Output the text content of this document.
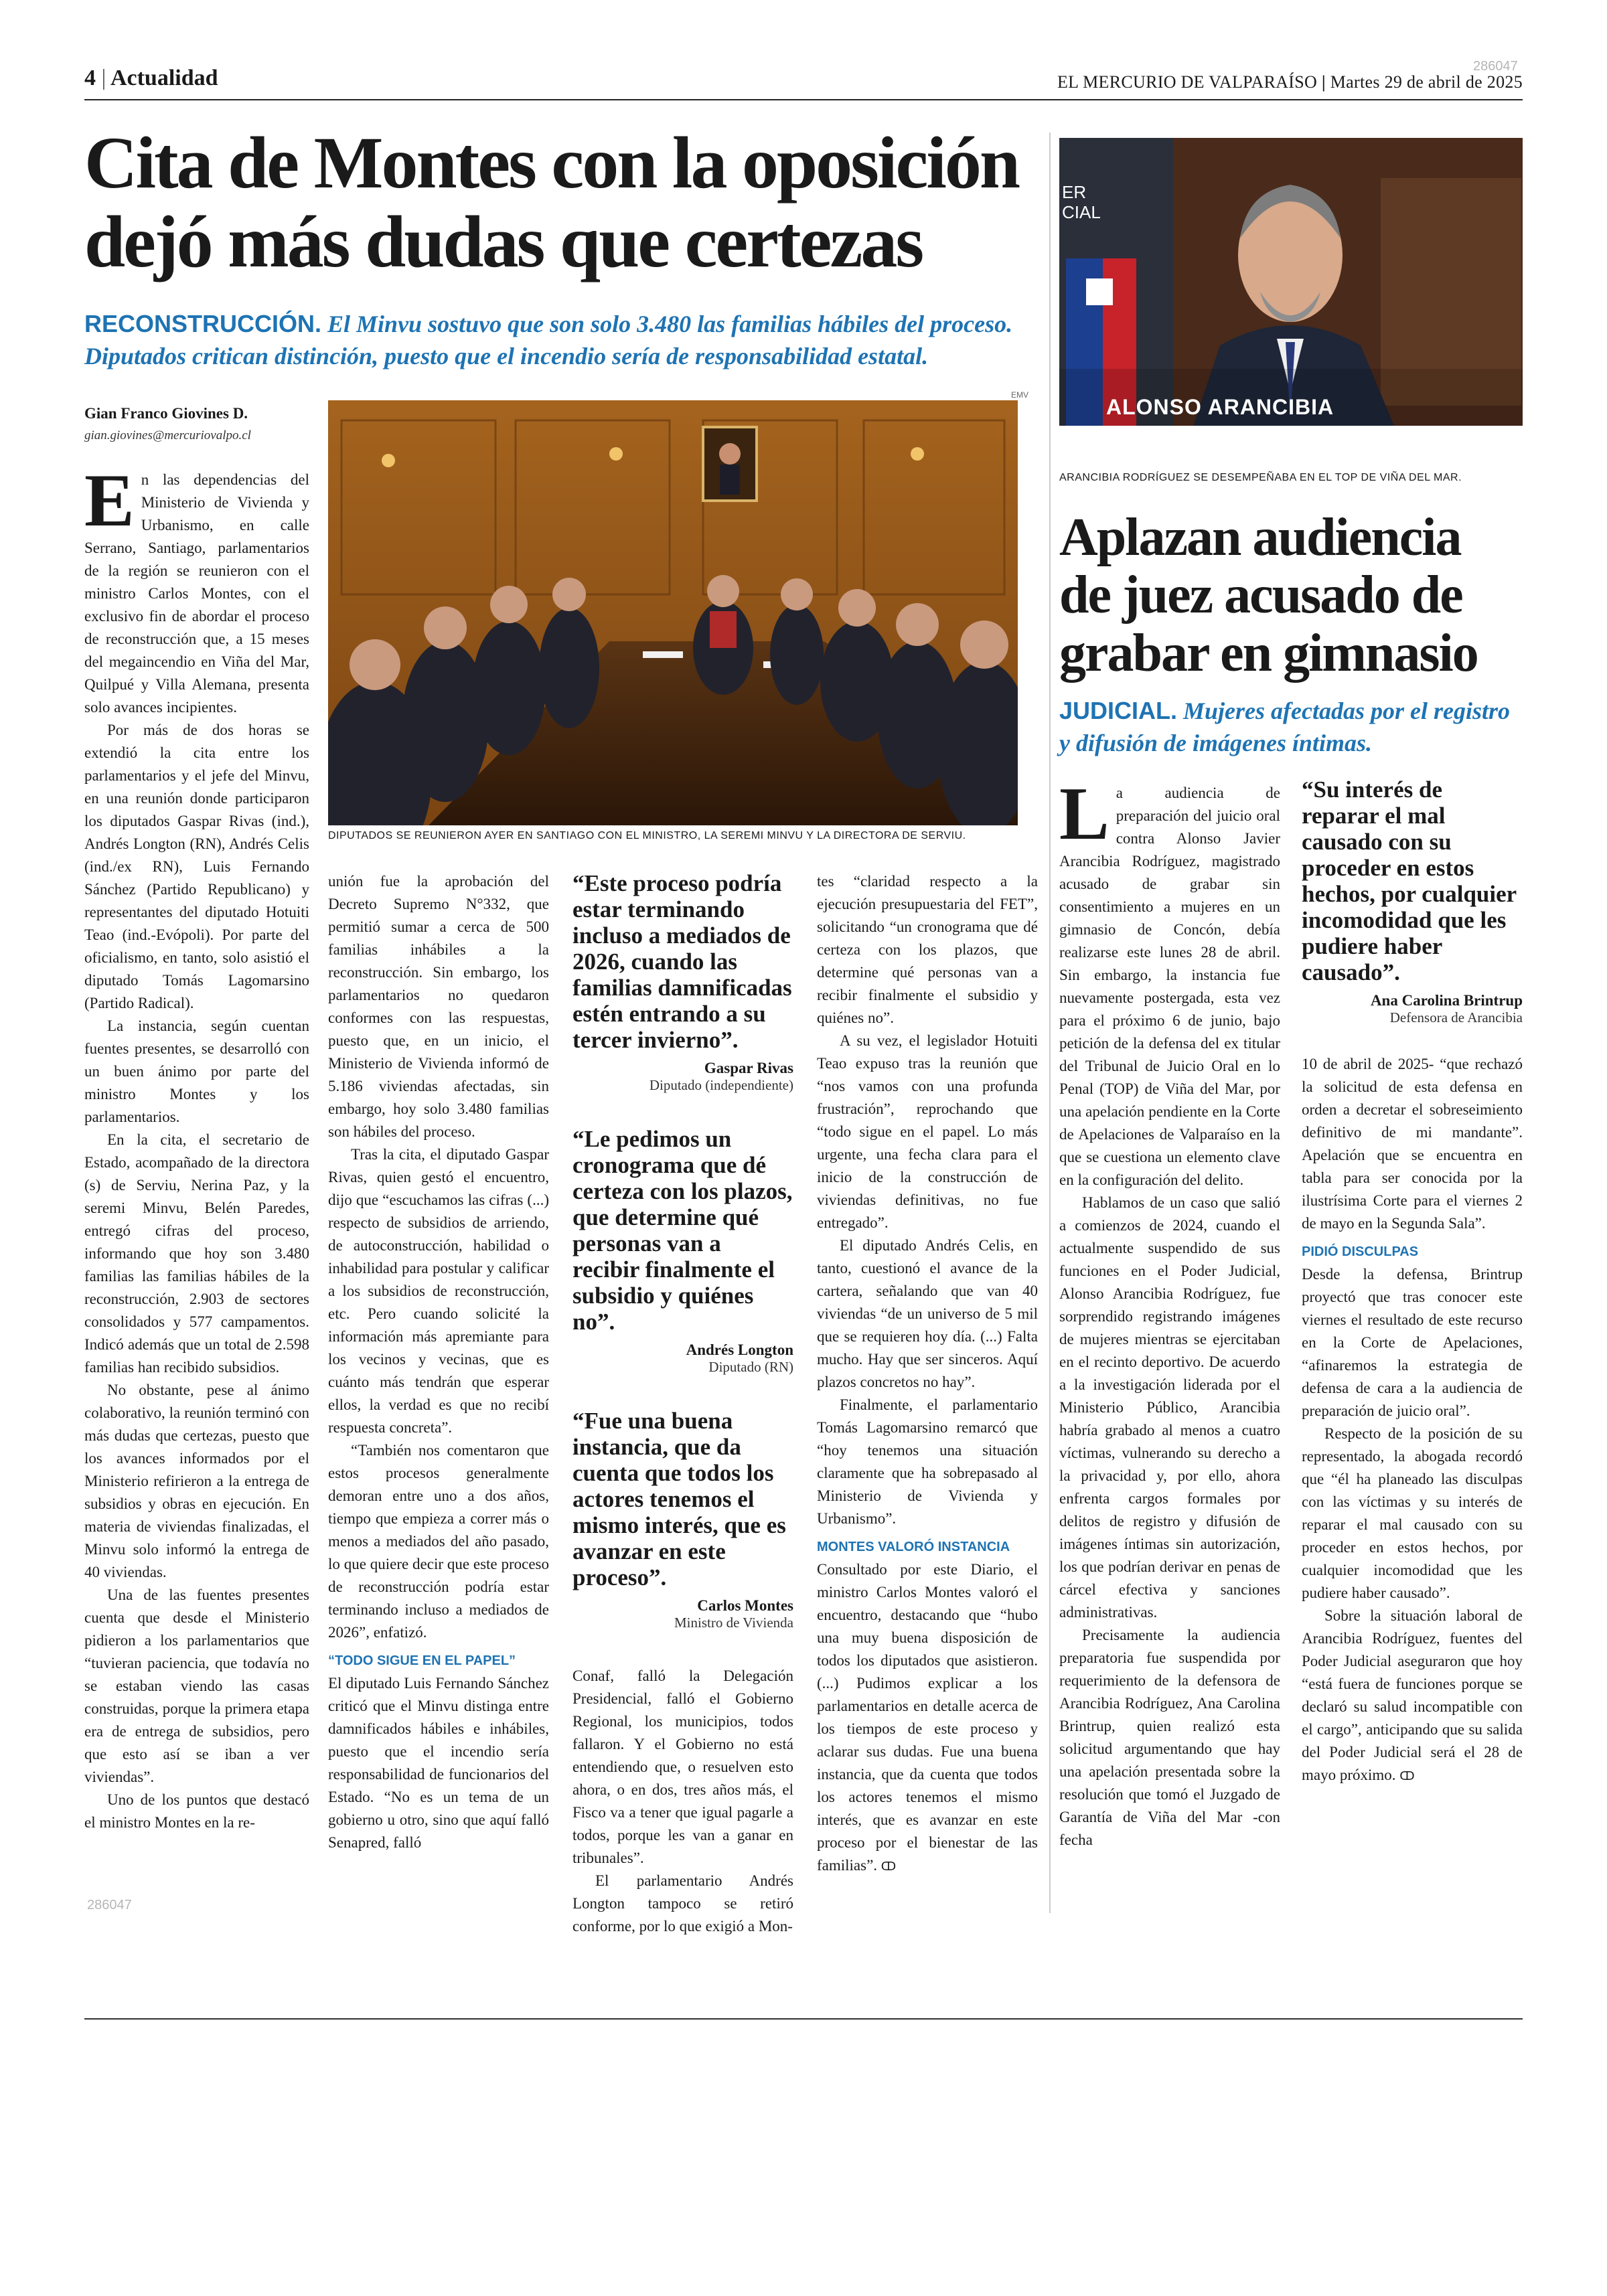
286047
4 | Actualidad	EL MERCURIO DE VALPARAÍSO | Martes 29 de abril de 2025
Cita de Montes con la oposición dejó más dudas que certezas
RECONSTRUCCIÓN. El Minvu sostuvo que son solo 3.480 las familias hábiles del proceso. Diputados critican distinción, puesto que el incendio sería de responsabilidad estatal.
Gian Franco Giovines D.
gian.giovines@mercuriovalpo.cl
EMV
DIPUTADOS SE REUNIERON AYER EN SANTIAGO CON EL MINISTRO, LA SEREMI MINVU Y LA DIRECTORA DE SERVIU.

En las dependencias del Ministerio de Vivienda y Urbanismo, en calle Serrano, Santiago, parlamentarios de la región se reunieron con el ministro Carlos Montes, con el exclusivo fin de abordar el proceso de reconstrucción que, a 15 meses del megaincendio en Viña del Mar, Quilpué y Villa Alemana, presenta solo avances incipientes.

Por más de dos horas se extendió la cita entre los parlamentarios y el jefe del Minvu, en una reunión donde participaron los diputados Gaspar Rivas (ind.), Andrés Longton (RN), Andrés Celis (ind./ex RN), Luis Fernando Sánchez (Partido Republicano) y representantes del diputado Hotuiti Teao (ind.-Evópoli). Por parte del oficialismo, en tanto, solo asistió el diputado Tomás Lagomarsino (Partido Radical).

La instancia, según cuentan fuentes presentes, se desarrolló con un buen ánimo por parte del ministro Montes y los parlamentarios.

En la cita, el secretario de Estado, acompañado de la directora (s) de Serviu, Nerina Paz, y la seremi Minvu, Belén Paredes, entregó cifras del proceso, informando que hoy son 3.480 familias las familias hábiles de la reconstrucción, 2.903 de sectores consolidados y 577 campamentos. Indicó además que un total de 2.598 familias han recibido subsidios.

No obstante, pese al ánimo colaborativo, la reunión terminó con más dudas que certezas, puesto que los avances informados por el Ministerio refirieron a la entrega de subsidios y obras en ejecución. En materia de viviendas finalizadas, el Minvu solo informó la entrega de 40 viviendas.

Una de las fuentes presentes cuenta que desde el Ministerio pidieron a los parlamentarios que “tuvieran paciencia, que todavía no se estaban viendo las casas construidas, porque la primera etapa era de entrega de subsidios, pero que esto así se iban a ver viviendas”.

Uno de los puntos que destacó el ministro Montes en la re-

286047

unión fue la aprobación del Decreto Supremo N°332, que permitió sumar a cerca de 500 familias inhábiles a la reconstrucción. Sin embargo, los parlamentarios no quedaron conformes con las respuestas, puesto que, en un inicio, el Ministerio de Vivienda informó de 5.186 viviendas afectadas, sin embargo, hoy solo 3.480 familias son hábiles del proceso.

Tras la cita, el diputado Gaspar Rivas, quien gestó el encuentro, dijo que “escuchamos las cifras (...) respecto de subsidios de arriendo, de autoconstrucción, habilidad o inhabilidad para postular y calificar a los subsidios de reconstrucción, etc. Pero cuando solicité la información más apremiante para los vecinos y vecinas, que es cuánto más tendrán que esperar ellos, la verdad es que no recibí respuesta concreta”.

“También nos comentaron que estos procesos generalmente demoran entre uno a dos años, tiempo que empieza a correr más o menos a mediados del año pasado, lo que quiere decir que este proceso de reconstrucción podría estar terminando incluso a mediados de 2026”, enfatizó.

“TODO SIGUE EN EL PAPEL”

El diputado Luis Fernando Sánchez criticó que el Minvu distinga entre damnificados hábiles e inhábiles, puesto que el incendio sería responsabilidad de funcionarios del Estado. “No es un tema de un gobierno u otro, sino que aquí falló Senapred, falló

“Este proceso podría estar terminando incluso a mediados de 2026, cuando las familias damnificadas estén entrando a su tercer invierno”.
Gaspar Rivas
Diputado (independiente)
“Le pedimos un cronograma que dé certeza con los plazos, que determine qué personas van a recibir finalmente el subsidio y quiénes no”.
Andrés Longton
Diputado (RN)
“Fue una buena instancia, que da cuenta que todos los actores tenemos el mismo interés, que es avanzar en este proceso”.
Carlos Montes
Ministro de Vivienda

Conaf, falló la Delegación Presidencial, falló el Gobierno Regional, los municipios, todos fallaron. Y el Gobierno no está entendiendo que, o resuelven esto ahora, o en dos, tres años más, el Fisco va a tener que igual pagarle a todos, porque les van a ganar en tribunales”.

El parlamentario Andrés Longton tampoco se retiró conforme, por lo que exigió a Mon-

tes “claridad respecto a la ejecución presupuestaria del FET”, solicitando “un cronograma que dé certeza con los plazos, que determine qué personas van a recibir finalmente el subsidio y quiénes no”.

A su vez, el legislador Hotuiti Teao expuso tras la reunión que “nos vamos con una profunda frustración”, reprochando que “todo sigue en el papel. Lo más urgente, una fecha clara para el inicio de la construcción de viviendas definitivas, no fue entregado”.

El diputado Andrés Celis, en tanto, cuestionó el avance de la cartera, señalando que van 40 viviendas “de un universo de 5 mil que se requieren hoy día. (...) Falta mucho. Hay que ser sinceros. Aquí plazos concretos no hay”.

Finalmente, el parlamentario Tomás Lagomarsino remarcó que “hoy tenemos una situación claramente que ha sobrepasado al Ministerio de Vivienda y Urbanismo”.

MONTES VALORÓ INSTANCIA

Consultado por este Diario, el ministro Carlos Montes valoró el encuentro, destacando que “hubo una muy buena disposición de todos los diputados que asistieron. (...) Pudimos explicar a los parlamentarios en detalle acerca de los tiempos de este proceso y aclarar sus dudas. Fue una buena instancia, que da cuenta que todos los actores tenemos el mismo interés, que es avanzar en este proceso por el bienestar de las familias”. ↀ

ER
CIAL
ALONSO ARANCIBIA
ARANCIBIA RODRÍGUEZ SE DESEMPEÑABA EN EL TOP DE VIÑA DEL MAR.
Aplazan audiencia de juez acusado de grabar en gimnasio
JUDICIAL. Mujeres afectadas por el registro y difusión de imágenes íntimas.

La audiencia de preparación del juicio oral contra Alonso Javier Arancibia Rodríguez, magistrado acusado de grabar sin consentimiento a mujeres en un gimnasio de Concón, debía realizarse este lunes 28 de abril. Sin embargo, la instancia fue nuevamente postergada, esta vez para el próximo 6 de junio, bajo petición de la defensa del ex titular del Tribunal de Juicio Oral en lo Penal (TOP) de Viña del Mar, por una apelación pendiente en la Corte de Apelaciones de Valparaíso en la que se cuestiona un elemento clave en la configuración del delito.

Hablamos de un caso que salió a comienzos de 2024, cuando el actualmente suspendido de sus funciones en el Poder Judicial, Alonso Arancibia Rodríguez, fue sorprendido registrando imágenes de mujeres mientras se ejercitaban en el recinto deportivo. De acuerdo a la investigación liderada por el Ministerio Público, Arancibia habría grabado al menos a cuatro víctimas, vulnerando su derecho a la privacidad y, por ello, ahora enfrenta cargos formales por delitos de registro y difusión de imágenes íntimas sin autorización, los que podrían derivar en penas de cárcel efectiva y sanciones administrativas.

Precisamente la audiencia preparatoria fue suspendida por requerimiento de la defensora de Arancibia Rodríguez, Ana Carolina Brintrup, quien realizó esta solicitud argumentando que hay una apelación presentada sobre la resolución que tomó el Juzgado de Garantía de Viña del Mar -con fecha

“Su interés de reparar el mal causado con su proceder en estos hechos, por cualquier incomodidad que les pudiere haber causado”.
Ana Carolina Brintrup
Defensora de Arancibia

10 de abril de 2025- “que rechazó la solicitud de esta defensa en orden a decretar el sobreseimiento definitivo de mi mandante”. Apelación que se encuentra en tabla para ser conocida por la ilustrísima Corte para el viernes 2 de mayo en la Segunda Sala”.

PIDIÓ DISCULPAS

Desde la defensa, Brintrup proyectó que tras conocer este viernes el resultado de este recurso en la Corte de Apelaciones, “afinaremos la estrategia de defensa de cara a la audiencia de preparación de juicio oral”.

Respecto de la posición de su representado, la abogada recordó que “él ha planeado las disculpas con las víctimas y su interés de reparar el mal causado con su proceder en estos hechos, por cualquier incomodidad que les pudiere haber causado”.

Sobre la situación laboral de Arancibia Rodríguez, fuentes del Poder Judicial aseguraron que hoy “está fuera de funciones porque se declaró su salud incompatible con el cargo”, anticipando que su salida del Poder Judicial será el 28 de mayo próximo. ↀ
